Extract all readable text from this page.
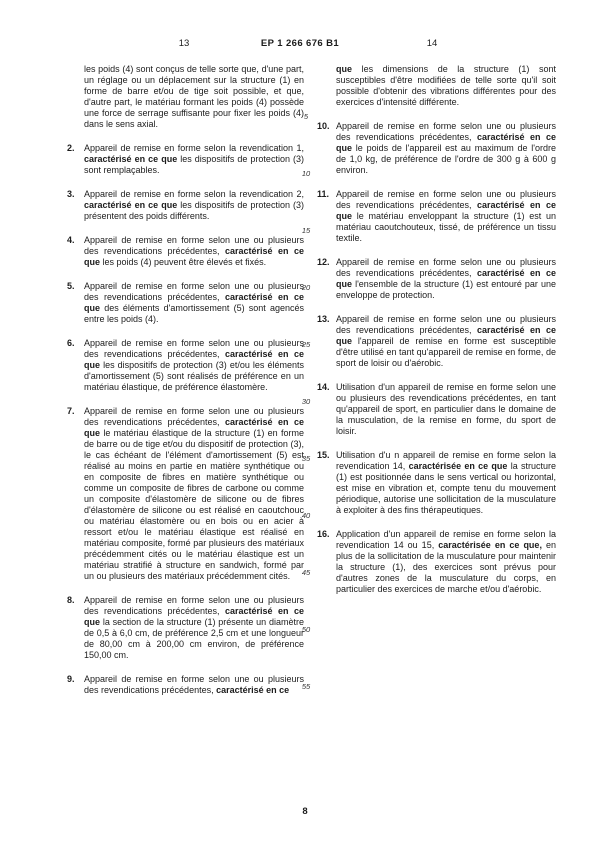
13	EP 1 266 676 B1	14
les poids (4) sont conçus de telle sorte que, d'une part, un réglage ou un déplacement sur la structure (1) en forme de barre et/ou de tige soit possible, et que, d'autre part, le matériau formant les poids (4) possède une force de serrage suffisante pour fixer les poids (4) dans le sens axial.
2.	Appareil de remise en forme selon la revendication 1, caractérisé en ce que les dispositifs de protection (3) sont remplaçables.
3.	Appareil de remise en forme selon la revendication 2, caractérisé en ce que les dispositifs de protection (3) présentent des poids différents.
4.	Appareil de remise en forme selon une ou plusieurs des revendications précédentes, caractérisé en ce que les poids (4) peuvent être élevés et fixés.
5.	Appareil de remise en forme selon une ou plusieurs des revendications précédentes, caractérisé en ce que des éléments d'amortissement (5) sont agencés entre les poids (4).
6.	Appareil de remise en forme selon une ou plusieurs des revendications précédentes, caractérisé en ce que les dispositifs de protection (3) et/ou les éléments d'amortissement (5) sont réalisés de préférence en un matériau élastique, de préférence élastomère.
7.	Appareil de remise en forme selon une ou plusieurs des revendications précédentes, caractérisé en ce que le matériau élastique de la structure (1) en forme de barre ou de tige et/ou du dispositif de protection (3), le cas échéant de l'élément d'amortissement (5) est réalisé au moins en partie en matière synthétique ou en composite de fibres en matière synthétique ou comme un composite de fibres de carbone ou comme un composite d'élastomère de silicone ou de fibres d'élastomère de silicone ou est réalisé en caoutchouc ou matériau élastomère ou en bois ou en acier à ressort et/ou le matériau élastique est réalisé en matériau composite, formé par plusieurs des matériaux précédemment cités ou le matériau élastique est un matériau stratifié à structure en sandwich, formé par un ou plusieurs des matériaux précédemment cités.
8.	Appareil de remise en forme selon une ou plusieurs des revendications précédentes, caractérisé en ce que la section de la structure (1) présente un diamètre de 0,5 à 6,0 cm, de préférence 2,5 cm et une longueur de 80,00 cm à 200,00 cm environ, de préférence 150,00 cm.
9.	Appareil de remise en forme selon une ou plusieurs des revendications précédentes, caractérisé en ce
5
10
15
20
25
30
35
40
45
50
55
que les dimensions de la structure (1) sont susceptibles d'être modifiées de telle sorte qu'il soit possible d'obtenir des vibrations différentes pour des exercices d'intensité différente.
10. Appareil de remise en forme selon une ou plusieurs des revendications précédentes, caractérisé en ce que le poids de l'appareil est au maximum de l'ordre de 1,0 kg, de préférence de l'ordre de 300 g à 600 g environ.
11. Appareil de remise en forme selon une ou plusieurs des revendications précédentes, caractérisé en ce que le matériau enveloppant la structure (1) est un matériau caoutchouteux, tissé, de préférence un tissu textile.
12. Appareil de remise en forme selon une ou plusieurs des revendications précédentes, caractérisé en ce que l'ensemble de la structure (1) est entouré par une enveloppe de protection.
13. Appareil de remise en forme selon une ou plusieurs des revendications précédentes, caractérisé en ce que l'appareil de remise en forme est susceptible d'être utilisé en tant qu'appareil de remise en forme, de sport de loisir ou d'aérobic.
14. Utilisation d'un appareil de remise en forme selon une ou plusieurs des revendications précédentes, en tant qu'appareil de sport, en particulier dans le domaine de la musculation, de la remise en forme, du sport de loisir.
15. Utilisation d'u n appareil de remise en forme selon la revendication 14, caractérisée en ce que la structure (1) est positionnée dans le sens vertical ou horizontal, est mise en vibration et, compte tenu du mouvement périodique, autorise une sollicitation de la musculature à exploiter à des fins thérapeutiques.
16. Application d'un appareil de remise en forme selon la revendication 14 ou 15, caractérisée en ce que, en plus de la sollicitation de la musculature pour maintenir la structure (1), des exercices sont prévus pour d'autres zones de la musculature du corps, en particulier des exercices de marche et/ou d'aérobic.
8
